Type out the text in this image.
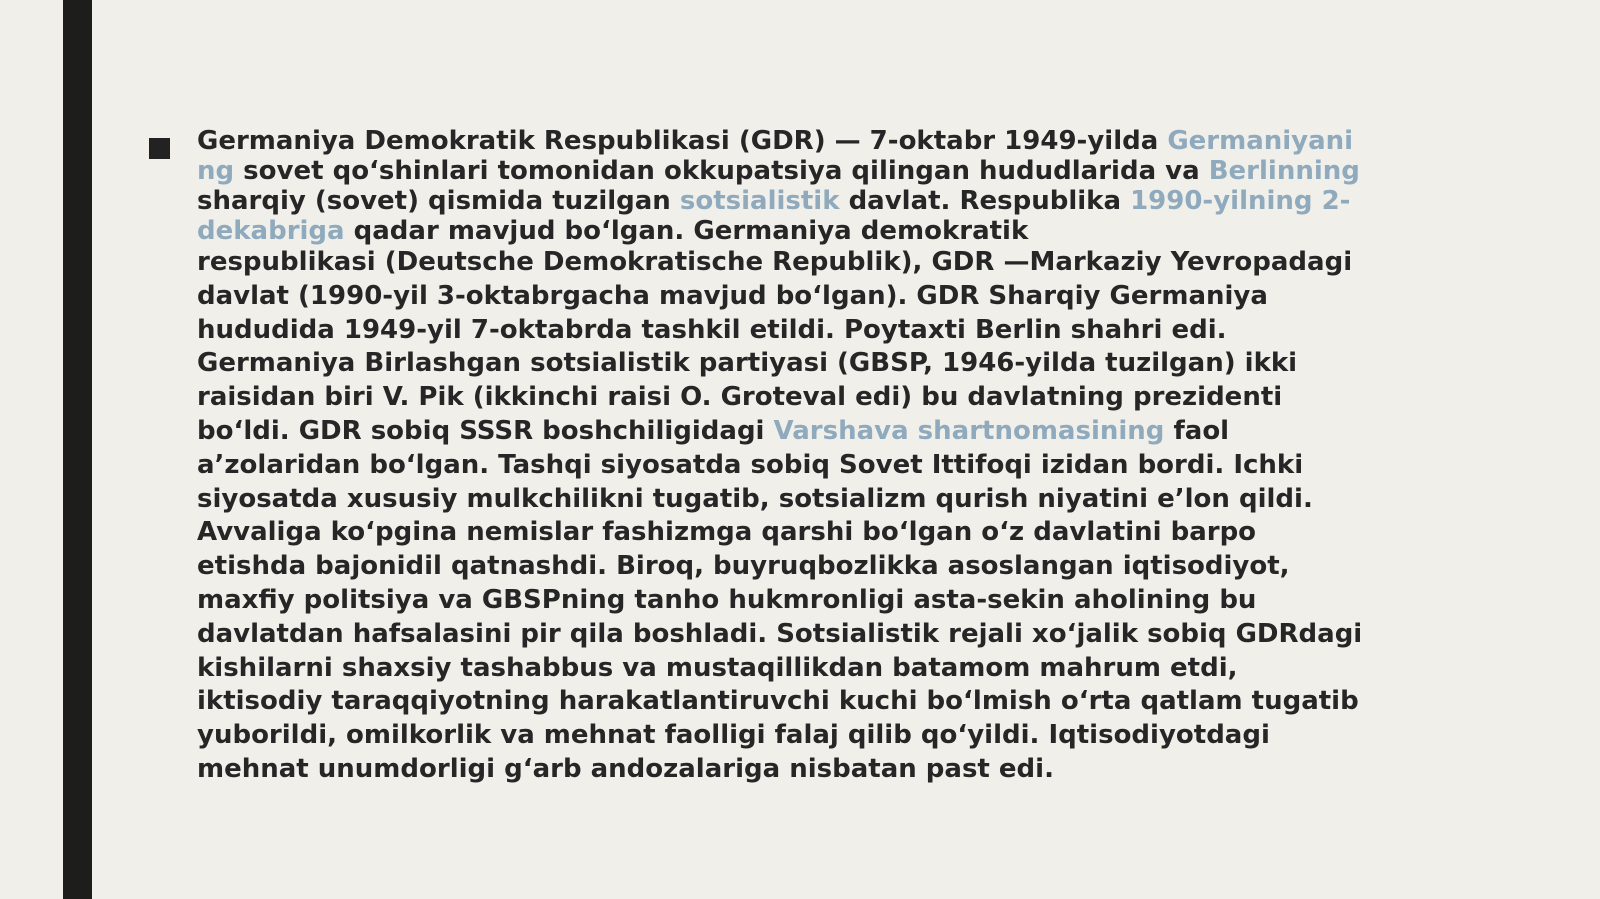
Germaniya Demokratik Respublikasi (GDR) — 7-oktabr 1949-yilda Germaniyaning sovet qoʻshinlari tomonidan okkupatsiya qilingan hududlarida va Berlinning sharqiy (sovet) qismida tuzilgan sotsialistik davlat. Respublika 1990-yilning 2-dekabriga qadar mavjud boʻlgan. Germaniya demokratik
respublikasi (Deutsche Demokratische Republik), GDR —Markaziy Yevropadagi davlat (1990-yil 3-oktabrgacha mavjud boʻlgan). GDR Sharqiy Germaniya hududida 1949-yil 7-oktabrda tashkil etildi. Poytaxti Berlin shahri edi. Germaniya Birlashgan sotsialistik partiyasi (GBSP, 1946-yilda tuzilgan) ikki raisidan biri V. Pik (ikkinchi raisi O. Groteval edi) bu davlatning prezidenti boʻldi. GDR sobiq SSSR boshchiligidagi Varshava shartnomasining faol aʼzolaridan boʻlgan. Tashqi siyosatda sobiq Sovet Ittifoqi izidan bordi. Ichki siyosatda xususiy mulkchilikni tugatib, sotsializm qurish niyatini eʼlon qildi. Avvaliga koʻpgina nemislar fashizmga qarshi boʻlgan oʻz davlatini barpo etishda bajonidil qatnashdi. Biroq, buyruqbozlikka asoslangan iqtisodiyot, maxfiy politsiya va GBSPning tanho hukmronligi asta-sekin aholining bu davlatdan hafsalasini pir qila boshladi. Sotsialistik rejali xoʻjalik sobiq GDRdagi kishilarni shaxsiy tashabbus va mustaqillikdan batamom mahrum etdi, iktisodiy taraqqiyotning harakatlantiruvchi kuchi boʻlmish oʻrta qatlam tugatib yuborildi, omilkorlik va mehnat faolligi falaj qilib qoʻyildi. Iqtisodiyotdagi mehnat unumdorligi gʻarb andozalariga nisbatan past edi.
